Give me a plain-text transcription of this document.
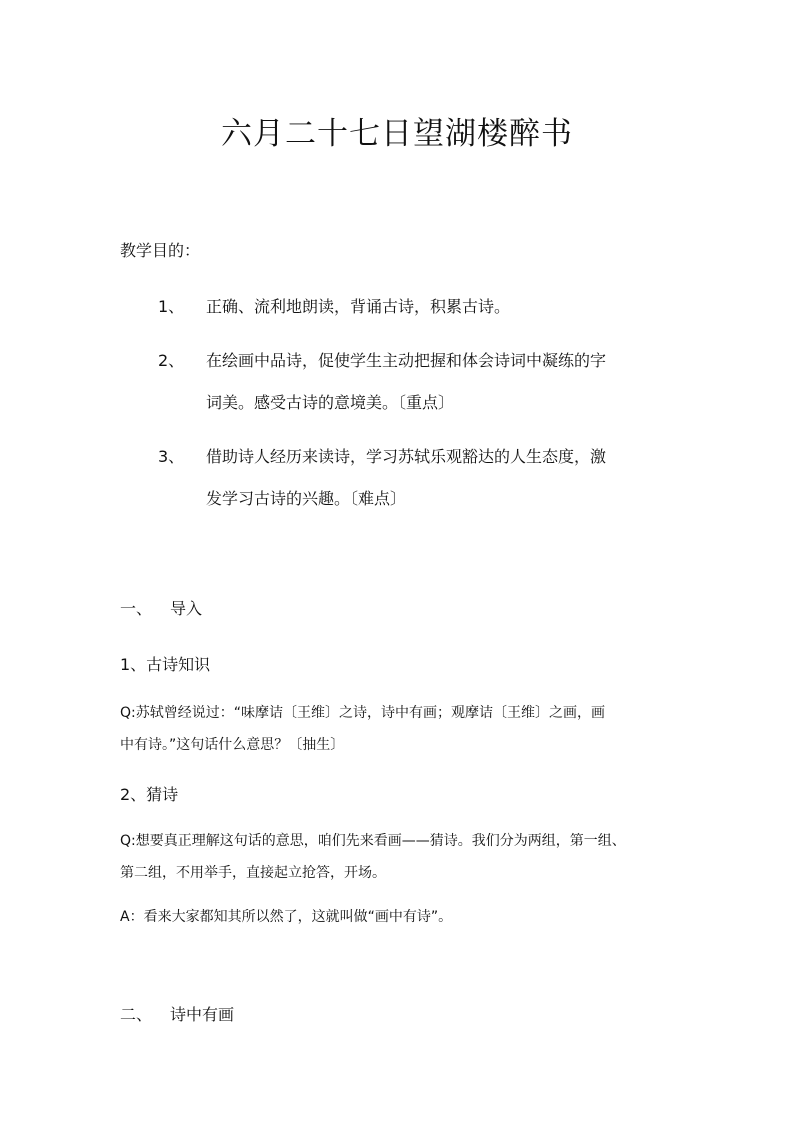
六月二十七日望湖楼醉书
教学目的：
1、 正确、流利地朗读，背诵古诗，积累古诗。
2、 在绘画中品诗，促使学生主动把握和体会诗词中凝练的字
词美。感受古诗的意境美。〔重点〕
3、 借助诗人经历来读诗，学习苏轼乐观豁达的人生态度，激
发学习古诗的兴趣。〔难点〕
一、 导入
1、古诗知识
Q:苏轼曾经说过：“味摩诘〔王维〕之诗，诗中有画；观摩诘〔王维〕之画，画
中有诗。”这句话什么意思？〔抽生〕
2、猜诗
Q:想要真正理解这句话的意思，咱们先来看画——猜诗。我们分为两组，第一组、
第二组，不用举手，直接起立抢答，开场。
A：看来大家都知其所以然了，这就叫做“画中有诗”。
二、 诗中有画
